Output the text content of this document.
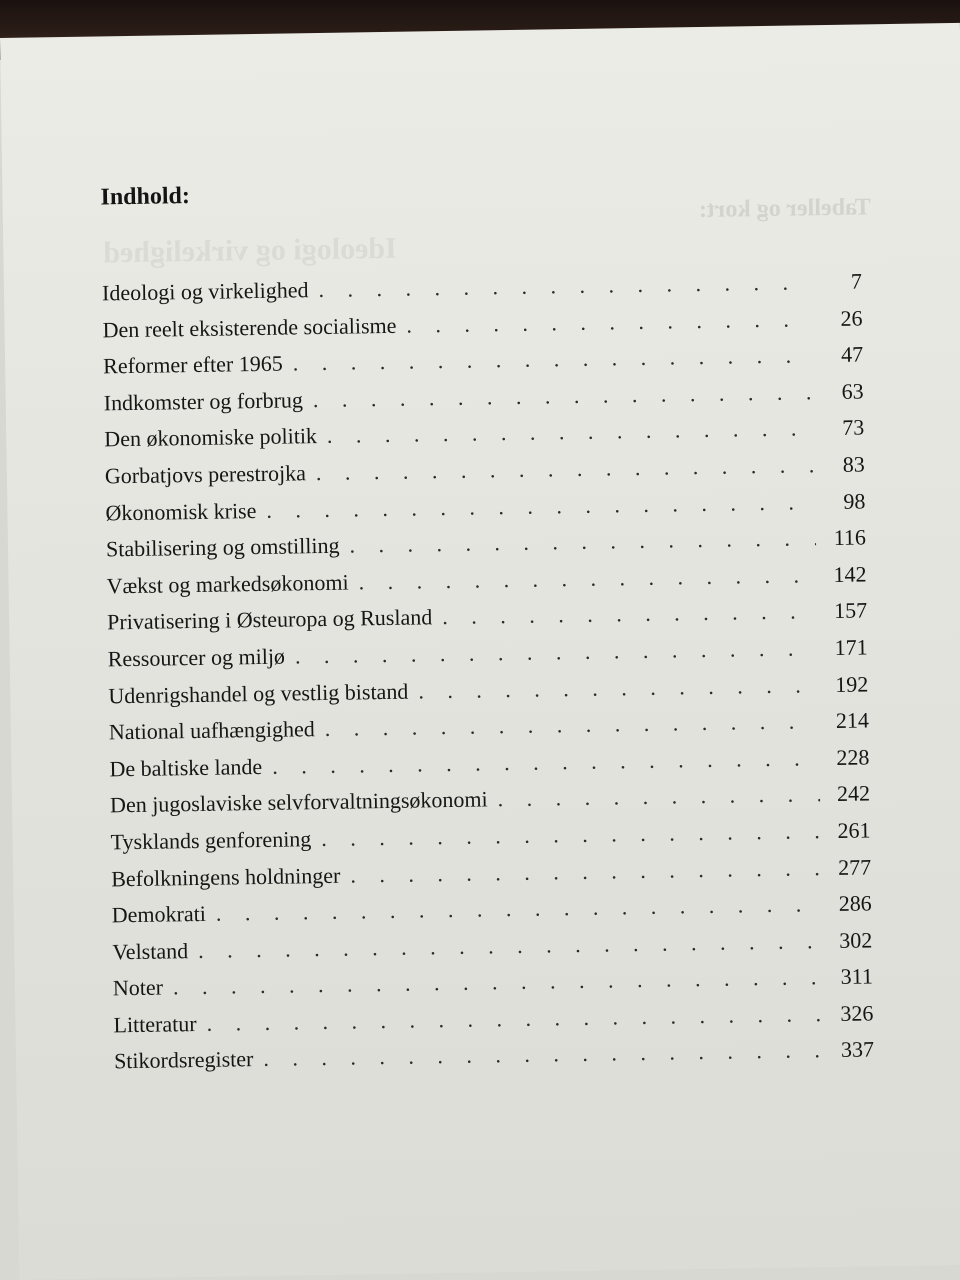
Tabeller og kort:
Ideologi og virkelighed
Indhold:
Ideologi og virkelighed . . .	7
Den reelt eksisterende socialisme . . .	26
Reformer efter 1965 . . .	47
Indkomster og forbrug . . .	63
Den økonomiske politik . . .	73
Gorbatjovs perestrojka . . .	83
Økonomisk krise . . .	98
Stabilisering og omstilling . . .	116
Vækst og markedsøkonomi . . .	142
Privatisering i Østeuropa og Rusland . . .	157
Ressourcer og miljø . . .	171
Udenrigshandel og vestlig bistand . . .	192
National uafhængighed . . .	214
De baltiske lande . . .	228
Den jugoslaviske selvforvaltningsøkonomi . . .	242
Tysklands genforening . . .	261
Befolkningens holdninger . . .	277
Demokrati . . .	286
Velstand . . .	302
Noter . . .	311
Litteratur . . .	326
Stikordsregister . . .	337
